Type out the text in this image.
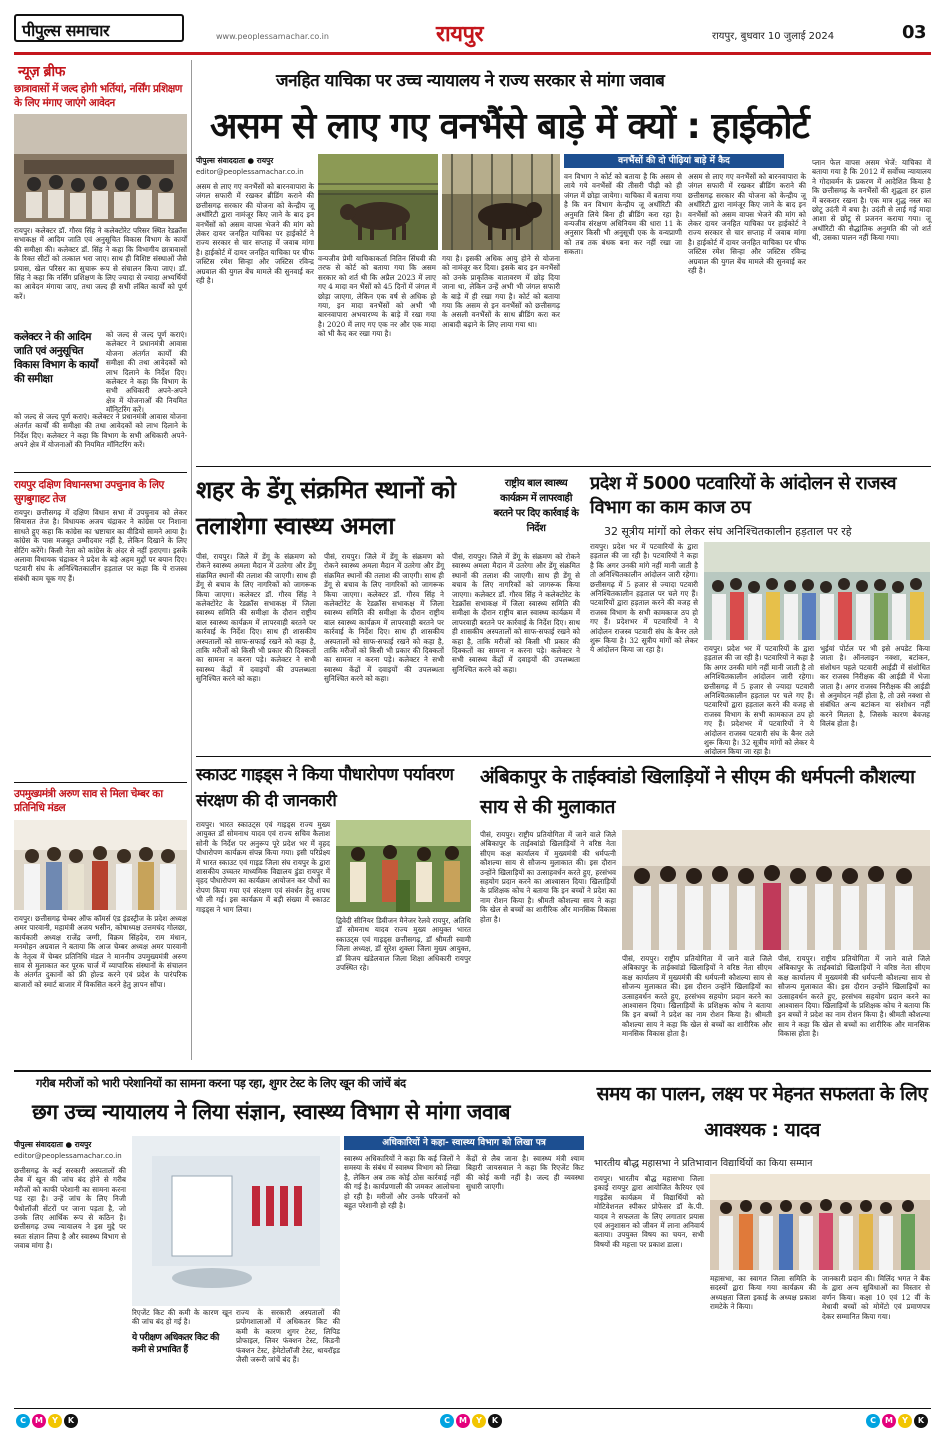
पीपुल्स समाचार	www.peoplessamachar.co.in	रायपुर	रायपुर, बुधवार 10 जुलाई 2024	03
न्यूज़ ब्रीफ
छात्रावासों में जल्द होगी भर्तियां, नर्सिंग प्रशिक्षण के लिए मंगाए जाएंगे आवेदन
रायपुर। कलेक्टर डॉ. गौरव सिंह ने कलेक्टोरेट परिसर स्थित रेडक्रॉस सभाकक्ष में आदिम जाति एवं अनुसूचित विकास विभाग के कार्यों की समीक्षा की। कलेक्टर डॉ. सिंह ने कहा कि विभागीय छात्रावासों के रिक्त सीटों को तत्काल भरा जाए। साथ ही विशिष्ट संस्थाओं जैसे प्रयास, खेल परिसर का सुचारू रूप से संचालन किया जाए। डॉ. सिंह ने कहा कि नर्सिंग प्रशिक्षण के लिए ज्यादा से ज्यादा अभ्यर्थियों का आवेदन मंगाया जाए, तथा जल्द ही सभी लंबित कार्यों को पूर्ण करें।
कलेक्टर ने की आदिम जाति एवं अनुसूचित विकास विभाग के कार्यों की समीक्षा
को जल्द से जल्द पूर्ण कराएं। कलेक्टर ने प्रधानमंत्री आवास योजना अंतर्गत कार्यों की समीक्षा की तथा आवेदकों को लाभ दिलाने के निर्देश दिए। कलेक्टर ने कहा कि विभाग के सभी अधिकारी अपने-अपने क्षेत्र में योजनाओं की नियमित मॉनिटरिंग करें।
को जल्द से जल्द पूर्ण कराएं। कलेक्टर ने प्रधानमंत्री आवास योजना अंतर्गत कार्यों की समीक्षा की तथा आवेदकों को लाभ दिलाने के निर्देश दिए। कलेक्टर ने कहा कि विभाग के सभी अधिकारी अपने-अपने क्षेत्र में योजनाओं की नियमित मॉनिटरिंग करें।
रायपुर दक्षिण विधानसभा उपचुनाव के लिए सुगबुगाहट तेज
रायपुर। छत्तीसगढ़ में दक्षिण विधान सभा में उपचुनाव को लेकर सियासत तेज है। विधायक अजय चंद्राकर ने कांग्रेस पर निशाना साधते हुए कहा कि कांग्रेस का भ्रष्टाचार का वीडियो सामने आया है। कांग्रेस के पास मजबूत उम्मीदवार नहीं है, लेकिन दिखाने के लिए सेटिंग करेंगे। किसी नेता को कांग्रेस के अंदर से नहीं हराएगा। इसके अलावा विधायक चंद्राकर ने प्रदेश के बड़े अहम मुद्दों पर बयान दिए। पटवारी संघ के अनिश्चितकालीन हड़ताल पर कहा कि ये राजस्व संबंधी काम चूक गए हैं।
उपमुख्यमंत्री अरुण साव से मिला चेम्बर का प्रतिनिधि मंडल
रायपुर। छत्तीसगढ़ चेम्बर ऑफ कॉमर्स एंड इंडस्ट्रीज के प्रदेश अध्यक्ष अमर पारवानी, महामंत्री अजय भसीन, कोषाध्यक्ष उत्तमचंद गोलछा, कार्यकारी अध्यक्ष राजेंद्र जग्गी, विक्रम सिंहदेव, राम मंधान, मनमोहन अग्रवाल ने बताया कि आज चेम्बर अध्यक्ष अमर पारवानी के नेतृत्व में चेम्बर प्रतिनिधि मंडल ने माननीय उपमुख्यमंत्री अरुण साव से मुलाकात कर पूरक चार्ज में व्यापारिक संस्थानों के संचालन के अंतर्गत दुकानों को फ्री होल्ड करने एवं प्रदेश के पारंपरिक बाजारों को स्मार्ट बाजार में विकसित करने हेतु ज्ञापन सौंपा।
जनहित याचिका पर उच्च न्यायालय ने राज्य सरकार से मांगा जवाब
असम से लाए गए वनभैंसे बाड़े में क्यों : हाईकोर्ट
पीपुल्स संवाददाता ● रायपुर
editor@peoplessamachar.co.in
वनभैंसों की दो पीढ़ियां बाड़े में कैद
असम से लाए गए वनभैंसों को बारनवापारा के जंगल सफारी में रखकर ब्रीडिंग कराने की छत्तीसगढ़ सरकार की योजना को केन्द्रीय जू अथॉरिटी द्वारा नामंजूर किए जाने के बाद इन वनभैंसों को असम वापस भेजने की मांग को लेकर दायर जनहित याचिका पर हाईकोर्ट ने राज्य सरकार से चार सप्ताह में जवाब मांगा है। हाईकोर्ट में दायर जनहित याचिका पर चीफ जस्टिस रमेश सिन्हा और जस्टिस रविन्द्र अग्रवाल की युगल बेंच मामले की सुनवाई कर रही है।
वन्यजीव प्रेमी याचिकाकर्ता नितिन सिंघवी की तरफ से कोर्ट को बताया गया कि असम सरकार को शर्त थी कि अप्रैल 2023 में लाए गए 4 मादा वन भैंसों को 45 दिनों में जंगल में छोड़ा जाएगा, लेकिन एक वर्ष से अधिक हो गया, इन मादा वनभैंसों को अभी भी बारनवापारा अभयारण्य के बाड़े में रखा गया है। 2020 में लाए गए एक नर और एक मादा को भी कैद कर रखा गया है।
गया है। इसकी अधिक आयु होने से योजना को नामंजूर कर दिया। इसके बाद इन वनभैंसों को उनके प्राकृतिक वातावरण में छोड़ दिया जाना था, लेकिन उन्हें अभी भी जंगल सफारी के बाड़े में ही रखा गया है। कोर्ट को बताया गया कि असम से इन वनभैंसों को छत्तीसगढ़ के असली वनभैंसों के साथ ब्रीडिंग करा कर आबादी बढ़ाने के लिए लाया गया था।
वन विभाग ने कोर्ट को बताया है कि असम से लाये गये वनभैंसों की तीसरी पीढ़ी को ही जंगल में छोड़ा जायेगा। याचिका में बताया गया है कि वन विभाग केन्द्रीय जू अथॉरिटी की अनुमति लिये बिना ही ब्रीडिंग करा रहा है। वन्यजीव संरक्षण अधिनियम की धारा 11 के अनुसार किसी भी अनुसूची एक के वन्यप्राणी को तब तक बंधक बना कर नहीं रखा जा सकता।
असम से लाए गए वनभैंसों को बारनवापारा के जंगल सफारी में रखकर ब्रीडिंग कराने की छत्तीसगढ़ सरकार की योजना को केन्द्रीय जू अथॉरिटी द्वारा नामंजूर किए जाने के बाद इन वनभैंसों को असम वापस भेजने की मांग को लेकर दायर जनहित याचिका पर हाईकोर्ट ने राज्य सरकार से चार सप्ताह में जवाब मांगा है। हाईकोर्ट में दायर जनहित याचिका पर चीफ जस्टिस रमेश सिन्हा और जस्टिस रविन्द्र अग्रवाल की युगल बेंच मामले की सुनवाई कर रही है।
प्लान फेल वापस असम भेजें: याचिका में बताया गया है कि 2012 में सर्वोच्च न्यायालय ने गोदावर्मन के प्रकरण में आदेशित किया है कि छत्तीसगढ़ के वनभैंसों की शुद्धता हर हाल में बरकरार रखना है। एक मात्र शुद्ध नस्ल का छोटू उदंती में बचा है। उदंती से लाई गई मादा आशा से छोटू से प्रजनन कराया गया। जू अथॉरिटी की सैद्धांतिक अनुमति की जो शर्त थी, उसका पालन नहीं किया गया।
शहर के डेंगू संक्रमित स्थानों को तलाशेगा स्वास्थ्य अमला
राष्ट्रीय बाल स्वास्थ्य कार्यक्रम में लापरवाही बरतने पर दिए कार्रवाई के निर्देश
पीसं, रायपुर। जिले में डेंगू के संक्रमण को रोकने स्वास्थ्य अमला मैदान में उतरेगा और डेंगू संक्रमित स्थानों की तलाश की जाएगी। साथ ही डेंगू से बचाव के लिए नागरिकों को जागरूक किया जाएगा। कलेक्टर डॉ. गौरव सिंह ने कलेक्टोरेट के रेडक्रॉस सभाकक्ष में जिला स्वास्थ्य समिति की समीक्षा के दौरान राष्ट्रीय बाल स्वास्थ्य कार्यक्रम में लापरवाही बरतने पर कार्रवाई के निर्देश दिए। साथ ही शासकीय अस्पतालों को साफ-सफाई रखने को कहा है, ताकि मरीजों को किसी भी प्रकार की दिक्कतों का सामना न करना पड़े। कलेक्टर ने सभी स्वास्थ्य केंद्रों में दवाइयों की उपलब्धता सुनिश्चित करने को कहा।
पीसं, रायपुर। जिले में डेंगू के संक्रमण को रोकने स्वास्थ्य अमला मैदान में उतरेगा और डेंगू संक्रमित स्थानों की तलाश की जाएगी। साथ ही डेंगू से बचाव के लिए नागरिकों को जागरूक किया जाएगा। कलेक्टर डॉ. गौरव सिंह ने कलेक्टोरेट के रेडक्रॉस सभाकक्ष में जिला स्वास्थ्य समिति की समीक्षा के दौरान राष्ट्रीय बाल स्वास्थ्य कार्यक्रम में लापरवाही बरतने पर कार्रवाई के निर्देश दिए। साथ ही शासकीय अस्पतालों को साफ-सफाई रखने को कहा है, ताकि मरीजों को किसी भी प्रकार की दिक्कतों का सामना न करना पड़े। कलेक्टर ने सभी स्वास्थ्य केंद्रों में दवाइयों की उपलब्धता सुनिश्चित करने को कहा।
पीसं, रायपुर। जिले में डेंगू के संक्रमण को रोकने स्वास्थ्य अमला मैदान में उतरेगा और डेंगू संक्रमित स्थानों की तलाश की जाएगी। साथ ही डेंगू से बचाव के लिए नागरिकों को जागरूक किया जाएगा। कलेक्टर डॉ. गौरव सिंह ने कलेक्टोरेट के रेडक्रॉस सभाकक्ष में जिला स्वास्थ्य समिति की समीक्षा के दौरान राष्ट्रीय बाल स्वास्थ्य कार्यक्रम में लापरवाही बरतने पर कार्रवाई के निर्देश दिए। साथ ही शासकीय अस्पतालों को साफ-सफाई रखने को कहा है, ताकि मरीजों को किसी भी प्रकार की दिक्कतों का सामना न करना पड़े। कलेक्टर ने सभी स्वास्थ्य केंद्रों में दवाइयों की उपलब्धता सुनिश्चित करने को कहा।
प्रदेश में 5000 पटवारियों के आंदोलन से राजस्व विभाग का काम काज ठप
32 सूत्रीय मांगों को लेकर संघ अनिश्चितकालीन हड़ताल पर रहे
रायपुर। प्रदेश भर में पटवारियों के द्वारा हड़ताल की जा रही है। पटवारियों ने कहा है कि अगर उनकी मांगे नहीं मानी जाती है तो अनिश्चितकालीन आंदोलन जारी रहेगा। छत्तीसगढ़ में 5 हजार से ज्यादा पटवारी अनिश्चितकालीन हड़ताल पर चले गए हैं। पटवारियों द्वारा हड़ताल करने की वजह से राजस्व विभाग के सभी कामकाज ठप हो गए हैं। प्रदेशभर में पटवारियों ने ये आंदोलन राजस्व पटवारी संघ के बैनर तले शुरू किया है। 32 सूत्रीय मांगों को लेकर ये आंदोलन किया जा रहा है।	रायपुर। प्रदेश भर में पटवारियों के द्वारा हड़ताल की जा रही है। पटवारियों ने कहा है कि अगर उनकी मांगे नहीं मानी जाती है तो अनिश्चितकालीन आंदोलन जारी रहेगा। छत्तीसगढ़ में 5 हजार से ज्यादा पटवारी अनिश्चितकालीन हड़ताल पर चले गए हैं। पटवारियों द्वारा हड़ताल करने की वजह से राजस्व विभाग के सभी कामकाज ठप हो गए हैं। प्रदेशभर में पटवारियों ने ये आंदोलन राजस्व पटवारी संघ के बैनर तले शुरू किया है। 32 सूत्रीय मांगों को लेकर ये आंदोलन किया जा रहा है।
भुईयां पोर्टल पर भी इसे अपडेट किया जाता है। ऑनलाइन नक्शा, बटांकन, संशोधन पहले पटवारी आईडी में संशोधित कर राजस्व निरीक्षक की आईडी में भेजा जाता है। अगर राजस्व निरीक्षक की आईडी से अनुमोदन नहीं होता है, तो उसे नक्शा से संबंधित अन्य बटांकन या संशोधन नहीं करने मिलता है, जिसके कारण बेवजह विलंब होता है।
स्काउट गाइड्स ने किया पौधारोपण पर्यावरण संरक्षण की दी जानकारी
रायपुर। भारत स्काउट्स एवं गाइड्स राज्य मुख्य आयुक्त डॉ सोमनाथ यादव एवं राज्य सचिव कैलाश सोनी के निर्देश पर अनुरूप पूरे प्रदेश भर में वृहद पौधारोपण कार्यक्रम संपन्न किया गया। इसी परिप्रेक्ष्य में भारत स्काउट एवं गाइड जिला संघ रायपुर के द्वारा शासकीय उच्चतर माध्यमिक विद्यालय डुंडा रायपुर में वृहद पौधारोपण का कार्यक्रम आयोजन कर पौधों का रोपण किया गया एवं संरक्षण एवं संवर्धन हेतु शपथ भी ली गई। इस कार्यक्रम में बड़ी संख्या में स्काउट गाइड्स ने भाग लिया।
द्विवेदी सीनियर डिवीजन मैनेजर रेलवे रायपुर, अतिथि डॉ सोमनाथ यादव राज्य मुख्य आयुक्त भारत स्काउट्स एवं गाइड्स छत्तीसगढ़, डॉ श्रीमती स्वामी जिला अध्यक्ष, डॉ सुरेश शुक्ला जिला मुख्य आयुक्त, डॉ विजय खंडेलवाल जिला शिक्षा अधिकारी रायपुर उपस्थित रहे।
अंबिकापुर के ताईक्वांडो खिलाड़ियों ने सीएम की धर्मपत्नी कौशल्या साय से की मुलाकात
पीसं, रायपुर। राष्ट्रीय प्रतियोगिता में जाने वाले जिले अंबिकापुर के ताईक्वांडो खिलाड़ियों ने वरिष्ठ नेता सीएम कक्ष कार्यालय में मुख्यमंत्री की धर्मपत्नी कौशल्या साय से सौजन्य मुलाकात की। इस दौरान उन्होंने खिलाड़ियों का उत्साहवर्धन करते हुए, हरसंभव सहयोग प्रदान करने का आश्वासन दिया। खिलाड़ियों के प्रशिक्षक कोच ने बताया कि इन बच्चों ने प्रदेश का नाम रोशन किया है। श्रीमती कौशल्या साय ने कहा कि खेल से बच्चों का शारीरिक और मानसिक विकास होता है।
पीसं, रायपुर। राष्ट्रीय प्रतियोगिता में जाने वाले जिले अंबिकापुर के ताईक्वांडो खिलाड़ियों ने वरिष्ठ नेता सीएम कक्ष कार्यालय में मुख्यमंत्री की धर्मपत्नी कौशल्या साय से सौजन्य मुलाकात की। इस दौरान उन्होंने खिलाड़ियों का उत्साहवर्धन करते हुए, हरसंभव सहयोग प्रदान करने का आश्वासन दिया। खिलाड़ियों के प्रशिक्षक कोच ने बताया कि इन बच्चों ने प्रदेश का नाम रोशन किया है। श्रीमती कौशल्या साय ने कहा कि खेल से बच्चों का शारीरिक और मानसिक विकास होता है।
पीसं, रायपुर। राष्ट्रीय प्रतियोगिता में जाने वाले जिले अंबिकापुर के ताईक्वांडो खिलाड़ियों ने वरिष्ठ नेता सीएम कक्ष कार्यालय में मुख्यमंत्री की धर्मपत्नी कौशल्या साय से सौजन्य मुलाकात की। इस दौरान उन्होंने खिलाड़ियों का उत्साहवर्धन करते हुए, हरसंभव सहयोग प्रदान करने का आश्वासन दिया। खिलाड़ियों के प्रशिक्षक कोच ने बताया कि इन बच्चों ने प्रदेश का नाम रोशन किया है। श्रीमती कौशल्या साय ने कहा कि खेल से बच्चों का शारीरिक और मानसिक विकास होता है।
गरीब मरीजों को भारी परेशानियों का सामना करना पड़ रहा, शुगर टेस्ट के लिए खून की जांचें बंद
छग उच्च न्यायालय ने लिया संज्ञान, स्वास्थ्य विभाग से मांगा जवाब
पीपुल्स संवाददाता ● रायपुर
editor@peoplessamachar.co.in
छत्तीसगढ़ के कई सरकारी अस्पतालों की लैब में खून की जांच बंद होने से गरीब मरीजों को काफी परेशानी का सामना करना पड़ रहा है। उन्हें जांच के लिए निजी पैथोलॉजी सेंटरों पर जाना पड़ता है, जो उनके लिए आर्थिक रूप से कठिन है। छत्तीसगढ़ उच्च न्यायालय ने इस मुद्दे पर स्वतः संज्ञान लिया है और स्वास्थ्य विभाग से जवाब मांगा है।
रिएजेंट किट की कमी के कारण खून की जांच बंद हो गई है।
ये परीक्षण अधिकतर किट की कमी से प्रभावित हैं
राज्य के सरकारी अस्पतालों की प्रयोगशालाओं में अधिकतर किट की कमी के कारण शुगर टेस्ट, लिपिड प्रोफाइल, लिवर फंक्शन टेस्ट, किडनी फंक्शन टेस्ट, हेमेटोलॉजी टेस्ट, थायरॉइड जैसी जरूरी जांचें बंद हैं।
अधिकारियों ने कहा- स्वास्थ्य विभाग को लिखा पत्र
स्वास्थ्य अधिकारियों ने कहा कि कई जिलों ने समस्या के संबंध में स्वास्थ्य विभाग को लिखा है, लेकिन अब तक कोई ठोस कार्रवाई नहीं की गई है। कार्यप्रणाली की जमकर आलोचना हो रही है। मरीजों और उनके परिजनों को बहुत परेशानी हो रही है।
केंद्रों से लैब जाना है। स्वास्थ्य मंत्री श्याम बिहारी जायसवाल ने कहा कि रिएजेंट किट की कोई कमी नहीं है। जल्द ही व्यवस्था सुधारी जाएगी।
समय का पालन, लक्ष्य पर मेहनत सफलता के लिए आवश्यक : यादव
भारतीय बौद्ध महासभा ने प्रतिभावान विद्यार्थियों का किया सम्मान
रायपुर। भारतीय बौद्ध महासभा जिला इकाई रायपुर द्वारा आयोजित कैरियर एवं गाइडेंस कार्यक्रम में विद्यार्थियों को मोटिवेशनल स्पीकर प्रोफेसर डॉ के.पी. यादव ने सफलता के लिए लगातार प्रयास एवं अनुशासन को जीवन में लाना अनिवार्य बताया। उपयुक्त विषय का चयन, सभी विषयों की महत्ता पर प्रकाश डाला।
महासभा, का स्वागत जिला समिति के सदस्यों द्वारा किया गया कार्यक्रम की अध्यक्षता जिला इकाई के अध्यक्ष प्रकाश रामटेके ने किया।
जानकारी प्रदान की। मिलिंद भगत ने बैंक के द्वारा अन्य सुविधाओं का विस्तार से वर्णन किया। कक्षा 10 एवं 12 वीं के मेधावी बच्चों को मोमेंटो एवं प्रमाणपत्र देकर सम्मानित किया गया।
C	M	Y	K	C	M	Y	K	C	M	Y	K
